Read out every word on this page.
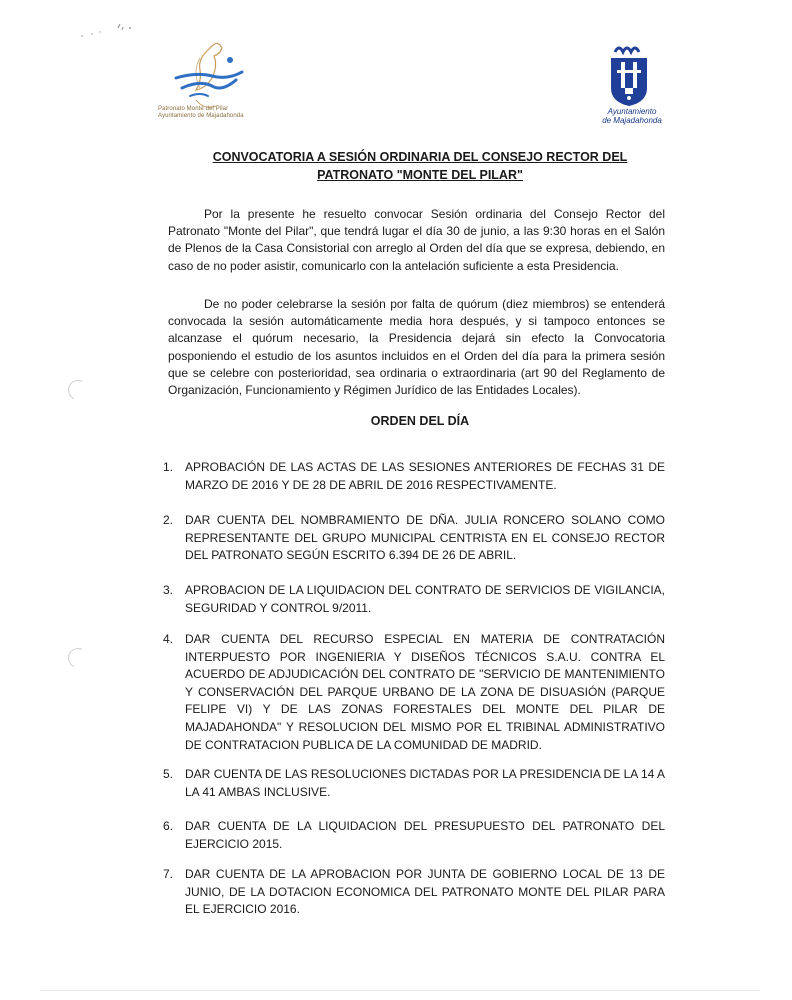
Patronato Monte del Pilar
Ayuntamiento de Majadahonda	Ayuntamiento
de Majadahonda
CONVOCATORIA A SESIÓN ORDINARIA DEL CONSEJO RECTOR DEL
PATRONATO "MONTE DEL PILAR"
Por la presente he resuelto convocar Sesión ordinaria del Consejo Rector del Patronato "Monte del Pilar", que tendrá lugar el día 30 de junio, a las 9:30 horas en el Salón de Plenos de la Casa Consistorial con arreglo al Orden del día que se expresa, debiendo, en caso de no poder asistir, comunicarlo con la antelación suficiente a esta Presidencia.
De no poder celebrarse la sesión por falta de quórum (diez miembros) se entenderá convocada la sesión automáticamente media hora después, y si tampoco entonces se alcanzase el quórum necesario, la Presidencia dejará sin efecto la Convocatoria posponiendo el estudio de los asuntos incluidos en el Orden del día para la primera sesión que se celebre con posterioridad, sea ordinaria o extraordinaria (art 90 del Reglamento de Organización, Funcionamiento y Régimen Jurídico de las Entidades Locales).
ORDEN DEL DÍA
1. APROBACIÓN DE LAS ACTAS DE LAS SESIONES ANTERIORES DE FECHAS 31 DE MARZO DE 2016 Y DE 28 DE ABRIL DE 2016 RESPECTIVAMENTE.
2. DAR CUENTA DEL NOMBRAMIENTO DE DÑA. JULIA RONCERO SOLANO COMO REPRESENTANTE DEL GRUPO MUNICIPAL CENTRISTA EN EL CONSEJO RECTOR DEL PATRONATO SEGÚN ESCRITO 6.394 DE 26 DE ABRIL.
3. APROBACION DE LA LIQUIDACION DEL CONTRATO DE SERVICIOS DE VIGILANCIA, SEGURIDAD Y CONTROL 9/2011.
4. DAR CUENTA DEL RECURSO ESPECIAL EN MATERIA DE CONTRATACIÓN INTERPUESTO POR INGENIERIA Y DISEÑOS TÉCNICOS S.A.U. CONTRA EL ACUERDO DE ADJUDICACIÓN DEL CONTRATO DE "SERVICIO DE MANTENIMIENTO Y CONSERVACIÓN DEL PARQUE URBANO DE LA ZONA DE DISUASIÓN (PARQUE FELIPE VI) Y DE LAS ZONAS FORESTALES DEL MONTE DEL PILAR DE MAJADAHONDA" Y RESOLUCION DEL MISMO POR EL TRIBINAL ADMINISTRATIVO DE CONTRATACION PUBLICA DE LA COMUNIDAD DE MADRID.
5. DAR CUENTA DE LAS RESOLUCIONES DICTADAS POR LA PRESIDENCIA DE LA 14 A LA 41 AMBAS INCLUSIVE.
6. DAR CUENTA DE LA LIQUIDACION DEL PRESUPUESTO DEL PATRONATO DEL EJERCICIO 2015.
7. DAR CUENTA DE LA APROBACION POR JUNTA DE GOBIERNO LOCAL DE 13 DE JUNIO, DE LA DOTACION ECONOMICA DEL PATRONATO MONTE DEL PILAR PARA EL EJERCICIO 2016.
